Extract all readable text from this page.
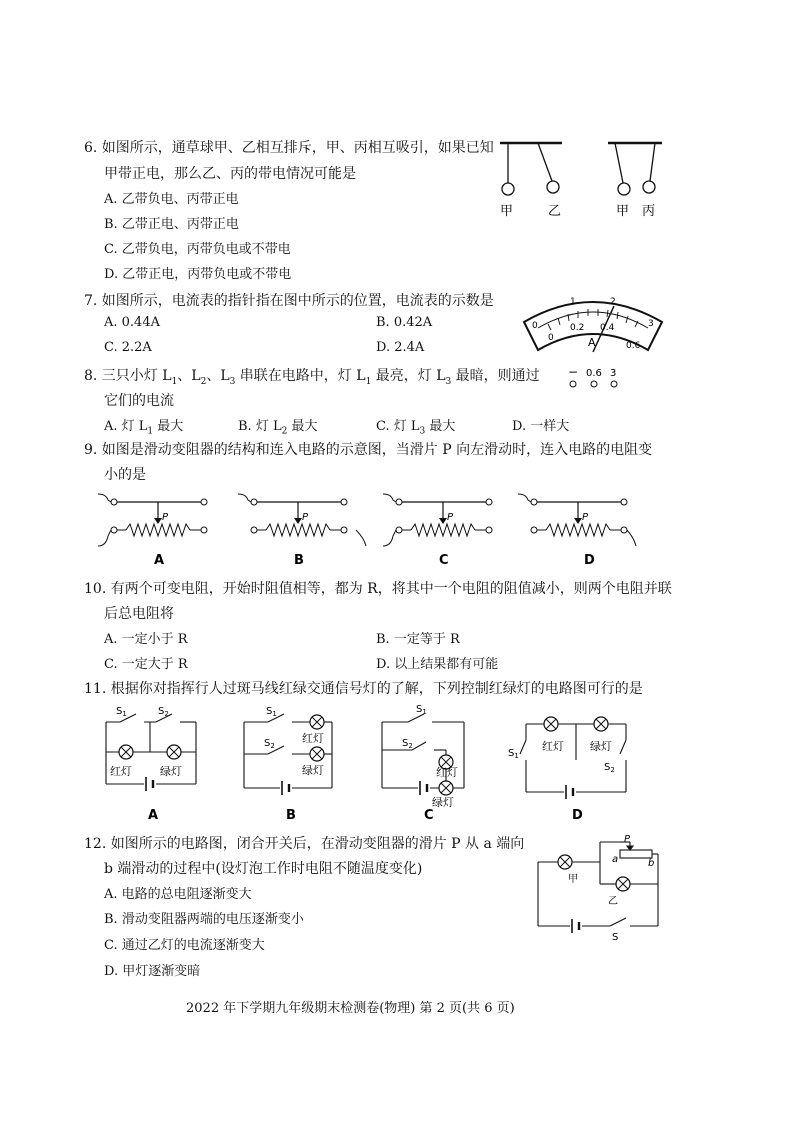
6. 如图所示，通草球甲、乙相互排斥，甲、丙相互吸引，如果已知
甲带正电，那么乙、丙的带电情况可能是
A. 乙带负电、丙带正电
B. 乙带正电、丙带正电
C. 乙带负电，丙带负电或不带电
D. 乙带正电，丙带负电或不带电
甲	乙	甲 丙
7. 如图所示，电流表的指针指在图中所示的位置，电流表的示数是
A. 0.44A	B. 0.42A
C. 2.2A	D. 2.4A
0
1	2
3
0
0.2 0.4
0.6
A
− 0.6 3
8. 三只小灯 $L_1$、$L_2$、$L_3$ 串联在电路中，灯 $L_1$ 最亮，灯 $L_3$ 最暗，则通过
它们的电流
A. 灯 $L_1$ 最大	B. 灯 $L_2$ 最大	C. 灯 $L_3$ 最大	D. 一样大
9. 如图是滑动变阻器的结构和连入电路的示意图，当滑片 P 向左滑动时，连入电路的电阻变
小的是
P	P	P	P
A	B	C	D
10. 有两个可变电阻，开始时阻值相等，都为 R，将其中一个电阻的阻值减小，则两个电阻并联
后总电阻将
A. 一定小于 R	B. 一定等于 R
C. 一定大于 R	D. 以上结果都有可能
11. 根据你对指挥行人过斑马线红绿交通信号灯的了解，下列控制红绿灯的电路图可行的是
$S_1$	$S_2$
红灯	绿灯
A
$S_1$
$S_2$
红灯
绿灯
B
$S_1$
$S_2$
红灯
绿灯
C
红灯 绿灯
$S_1$
$S_2$
D
12. 如图所示的电路图，闭合开关后，在滑动变阻器的滑片 P 从 a 端向
b 端滑动的过程中(设灯泡工作时电阻不随温度变化)
A. 电路的总电阻逐渐变大
B. 滑动变阻器两端的电压逐渐变小
C. 通过乙灯的电流逐渐变大
D. 甲灯逐渐变暗
甲
乙
P
a	b
S
2022 年下学期九年级期末检测卷(物理) 第 2 页(共 6 页)
